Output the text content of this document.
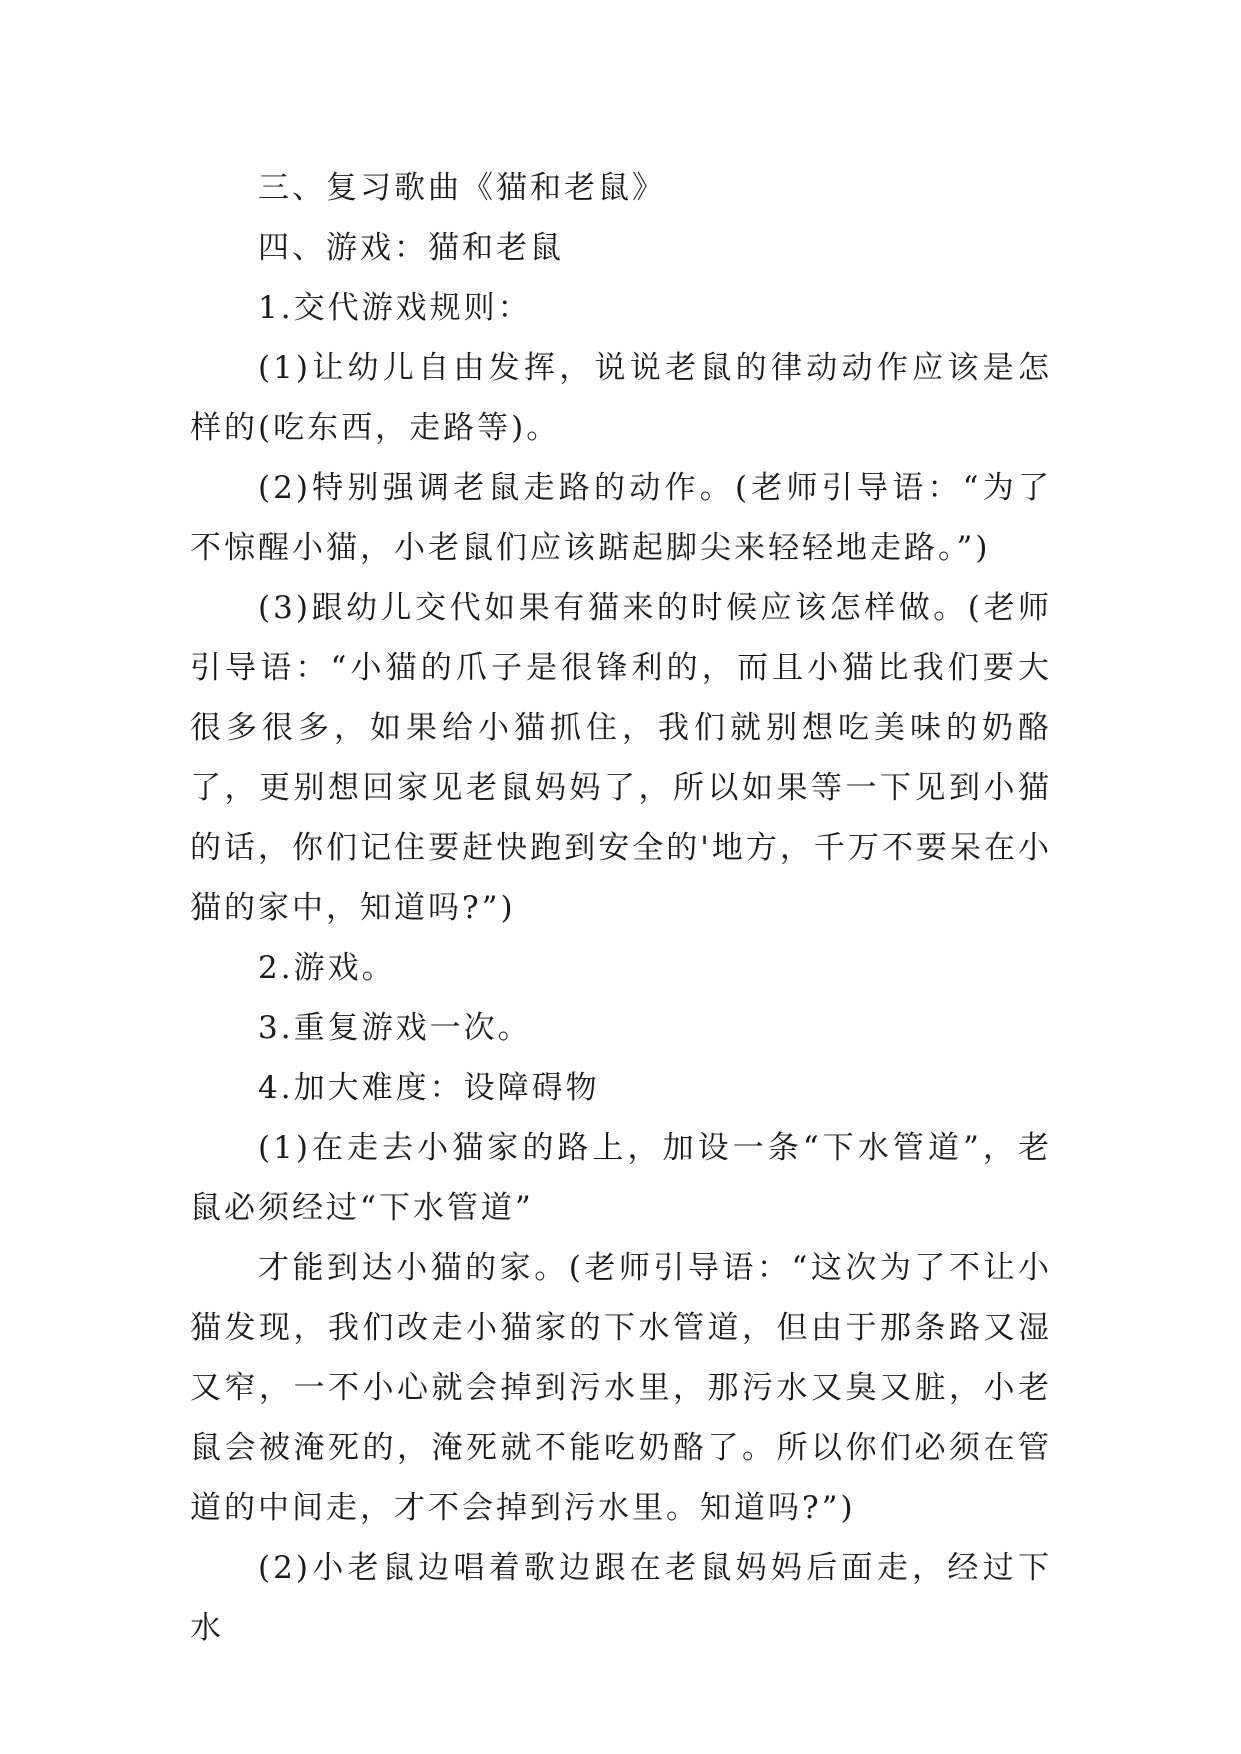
三、复习歌曲《猫和老鼠》

四、游戏：猫和老鼠

1.交代游戏规则：

(1)让幼儿自由发挥，说说老鼠的律动动作应该是怎样的(吃东西，走路等)。

(2)特别强调老鼠走路的动作。(老师引导语：“为了不惊醒小猫，小老鼠们应该踮起脚尖来轻轻地走路。”)

(3)跟幼儿交代如果有猫来的时候应该怎样做。(老师引导语：“小猫的爪子是很锋利的，而且小猫比我们要大很多很多，如果给小猫抓住，我们就别想吃美味的奶酪了，更别想回家见老鼠妈妈了，所以如果等一下见到小猫的话，你们记住要赶快跑到安全的'地方，千万不要呆在小猫的家中，知道吗?”)

2.游戏。

3.重复游戏一次。

4.加大难度：设障碍物

(1)在走去小猫家的路上，加设一条“下水管道”，老鼠必须经过“下水管道”

才能到达小猫的家。(老师引导语：“这次为了不让小猫发现，我们改走小猫家的下水管道，但由于那条路又湿又窄，一不小心就会掉到污水里，那污水又臭又脏，小老鼠会被淹死的，淹死就不能吃奶酪了。所以你们必须在管道的中间走，才不会掉到污水里。知道吗?”)

(2)小老鼠边唱着歌边跟在老鼠妈妈后面走，经过下水
